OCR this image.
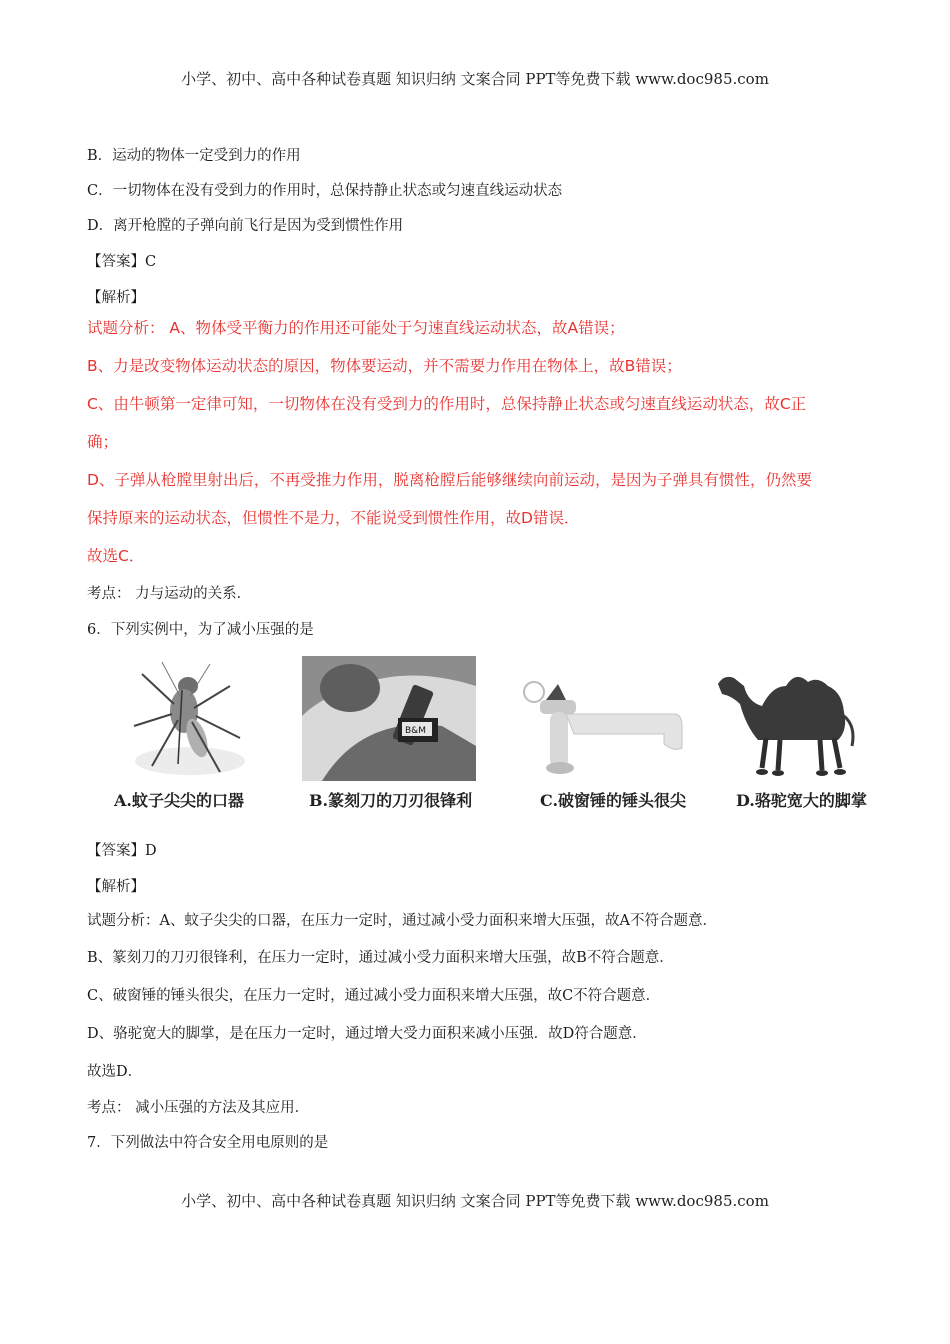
小学、初中、高中各种试卷真题 知识归纳 文案合同 PPT等免费下载 www.doc985.com
B．运动的物体一定受到力的作用
C．一切物体在没有受到力的作用时，总保持静止状态或匀速直线运动状态
D．离开枪膛的子弹向前飞行是因为受到惯性作用
【答案】C
【解析】
试题分析： A、物体受平衡力的作用还可能处于匀速直线运动状态，故A错误；
B、力是改变物体运动状态的原因，物体要运动，并不需要力作用在物体上，故B错误；
C、由牛顿第一定律可知，一切物体在没有受到力的作用时，总保持静止状态或匀速直线运动状态，故C正
确；
D、子弹从枪膛里射出后，不再受推力作用，脱离枪膛后能够继续向前运动，是因为子弹具有惯性，仍然要
保持原来的运动状态，但惯性不是力，不能说受到惯性作用，故D错误．
故选C．
考点： 力与运动的关系．
6．下列实例中，为了减小压强的是
A.蚊子尖尖的口器
B&M
B.篆刻刀的刀刃很锋利	C.破窗锤的锤头很尖	D.骆驼宽大的脚掌
【答案】D
【解析】
试题分析：A、蚊子尖尖的口器，在压力一定时，通过减小受力面积来增大压强，故A不符合题意．
B、篆刻刀的刀刃很锋利，在压力一定时，通过减小受力面积来增大压强，故B不符合题意．
C、破窗锤的锤头很尖，在压力一定时，通过减小受力面积来增大压强，故C不符合题意．
D、骆驼宽大的脚掌，是在压力一定时，通过增大受力面积来减小压强．故D符合题意．
故选D．
考点： 减小压强的方法及其应用．
7．下列做法中符合安全用电原则的是
小学、初中、高中各种试卷真题 知识归纳 文案合同 PPT等免费下载 www.doc985.com
